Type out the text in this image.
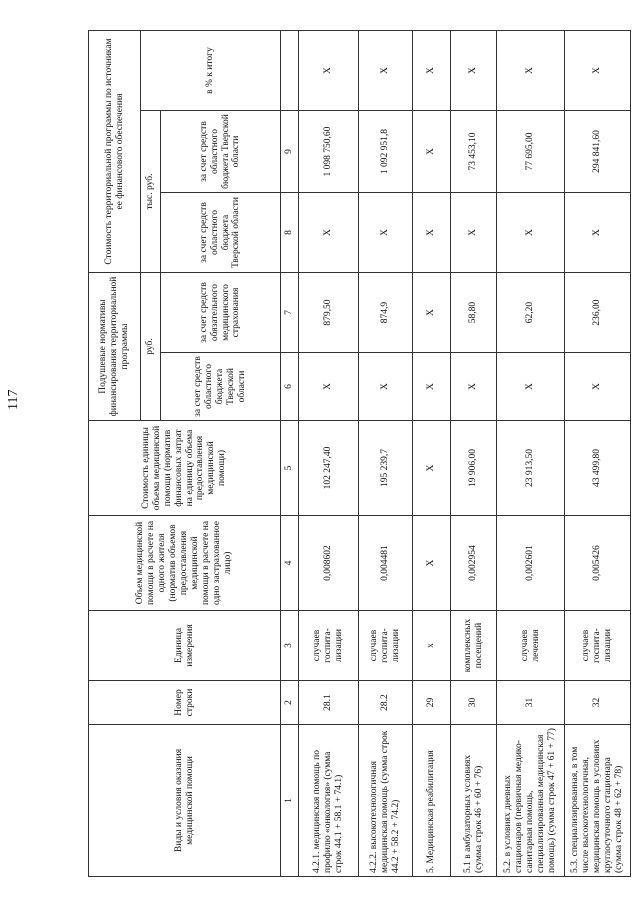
117
Виды и условия оказания медицинской помощи	Номер строки	Единица измерения	Объем медицинской помощи в расчете на одного жителя (норматив объемов предоставления медицинской помощи в расчете на одно застрахованное лицо)	Стоимость единицы объема медицинской помощи (норматив финансовых затрат на единицу объема предоставления медицинской помощи)	Подушевые нормативы финансирования территориальной программы		Стоимость территориальной программы по источникам ее финансового обеспечения		
					руб.		тыс. руб.		в % к итогу
					за счет средств областного бюджета Тверской области	за счет средств обязательного медицинского страхования	за счет средств областного бюджета Тверской области	за счет средств областного бюджета Тверской области	
1	2	3	4	5	6	7	8	9	
4.2.1. медицинская помощь по профилю «онкология» (сумма строк 44.1 + 58.1 + 74.1)	28.1	случаев госпита-лизации	0,008602	102 247,40	Х	879,50	Х	1 098 750,60	Х
4.2.2. высокотехнологичная медицинская помощь (сумма строк 44.2 + 58.2 + 74.2)	28.2	случаев госпита-лизации	0,004481	195 239,7	Х	874,9	Х	1 092 951,8	Х
5. Медицинская реабилитация	29	х	Х	Х	Х	Х	Х	Х	Х
5.1 в амбулаторных условиях (сумма строк 46 + 60 + 76)	30	комплексных посещений	0,002954	19 906,00	Х	58,80	Х	73 453,10	Х
5.2. в условиях дневных стационаров (первичная медико-санитарная помощь, специализированная медицинская помощь) (сумма строк 47 + 61 + 77)	31	случаев лечения	0,002601	23 913,50	Х	62,20	Х	77 695,00	Х
5.3. специализированная, в том числе высокотехнологичная, медицинская помощь в условиях круглосуточного стационара (сумма строк 48 + 62 + 78)	32	случаев госпита-лизации	0,005426	43 499,80	Х	236,00	Х	294 841,60	Х
